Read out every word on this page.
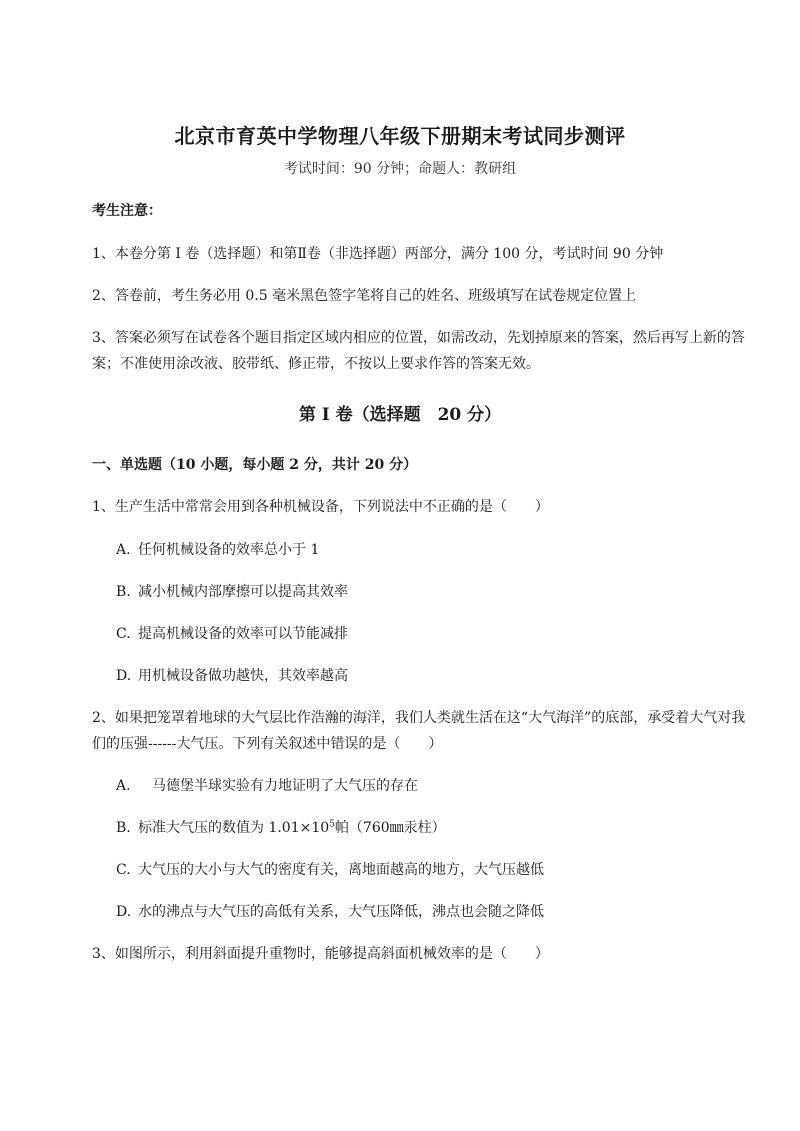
北京市育英中学物理八年级下册期末考试同步测评
考试时间：90 分钟；命题人：教研组
考生注意：
1、本卷分第 I 卷（选择题）和第Ⅱ卷（非选择题）两部分，满分 100 分，考试时间 90 分钟
2、答卷前，考生务必用 0.5 毫米黑色签字笔将自己的姓名、班级填写在试卷规定位置上
3、答案必须写在试卷各个题目指定区域内相应的位置，如需改动，先划掉原来的答案，然后再写上新的答案；不准使用涂改液、胶带纸、修正带，不按以上要求作答的答案无效。
第 I 卷（选择题　20 分）
一、单选题（10 小题，每小题 2 分，共计 20 分）
1、生产生活中常常会用到各种机械设备，下列说法中不正确的是（　　）
A. 任何机械设备的效率总小于 1
B. 减小机械内部摩擦可以提高其效率
C. 提高机械设备的效率可以节能减排
D. 用机械设备做功越快，其效率越高
2、如果把笼罩着地球的大气层比作浩瀚的海洋，我们人类就生活在这“大气海洋”的底部，承受着大气对我们的压强------大气压。下列有关叙述中错误的是（　　）
A.　马德堡半球实验有力地证明了大气压的存在
B. 标准大气压的数值为 $1.01\times 10^5$帕（760㎜汞柱）
C. 大气压的大小与大气的密度有关，离地面越高的地方，大气压越低
D. 水的沸点与大气压的高低有关系，大气压降低，沸点也会随之降低
3、如图所示，利用斜面提升重物时，能够提高斜面机械效率的是（　　）
